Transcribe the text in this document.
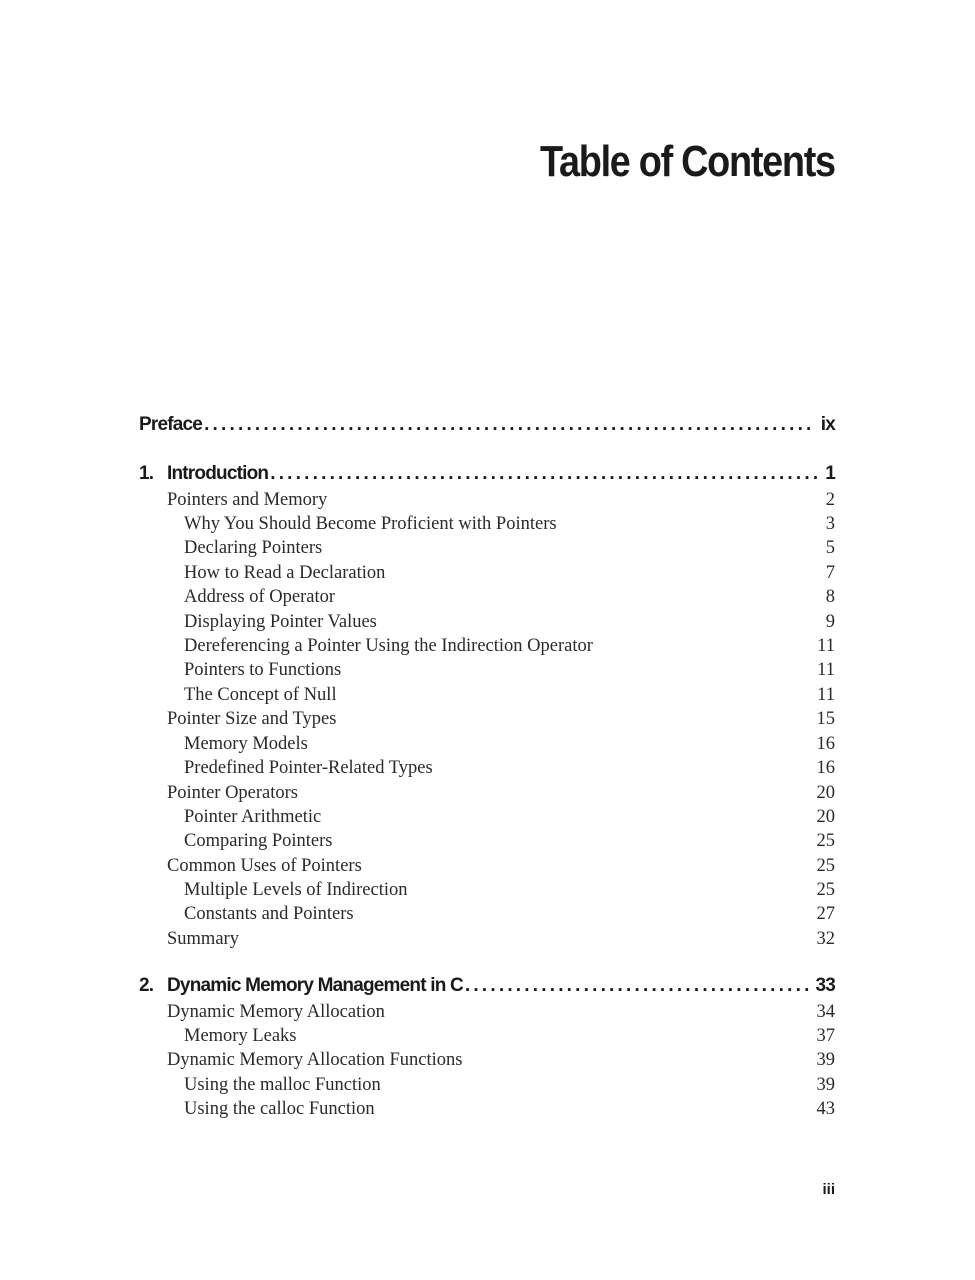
Table of Contents
Preface .....	ix
1. Introduction .....	1
Pointers and Memory	2
Why You Should Become Proficient with Pointers	3
Declaring Pointers	5
How to Read a Declaration	7
Address of Operator	8
Displaying Pointer Values	9
Dereferencing a Pointer Using the Indirection Operator	11
Pointers to Functions	11
The Concept of Null	11
Pointer Size and Types	15
Memory Models	16
Predefined Pointer-Related Types	16
Pointer Operators	20
Pointer Arithmetic	20
Comparing Pointers	25
Common Uses of Pointers	25
Multiple Levels of Indirection	25
Constants and Pointers	27
Summary	32
2. Dynamic Memory Management in C .....	33
Dynamic Memory Allocation	34
Memory Leaks	37
Dynamic Memory Allocation Functions	39
Using the malloc Function	39
Using the calloc Function	43
iii
